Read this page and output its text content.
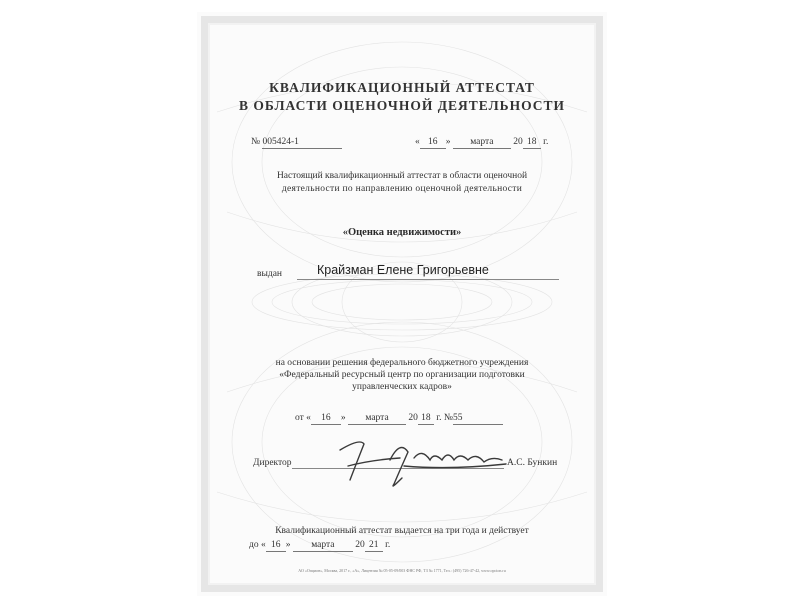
КВАЛИФИКАЦИОННЫЙ АТТЕСТАТ
В ОБЛАСТИ ОЦЕНОЧНОЙ ДЕЯТЕЛЬНОСТИ
№ 005424-1	« 16 » марта 20 18 г.
Настоящий квалификационный аттестат в области оценочной
деятельности по направлению оценочной деятельности
«Оценка недвижимости»
выдан	Крайзман Елене Григорьевне
на основании решения федерального бюджетного учреждения
«Федеральный ресурсный центр по организации подготовки
управленческих кадров»
от « 16 » марта 20 18 г. №55
Директор	А.С. Бункин
Квалификационный аттестат выдается на три года и действует
до « 16 » марта 20 21 г.
АО «Опцион», Москва, 2017 г., «А», Лицензия № 05-05-09/003 ФНС РФ, ТЗ № 1771, Тел.: (495) 726-47-42, www.opcion.ru
